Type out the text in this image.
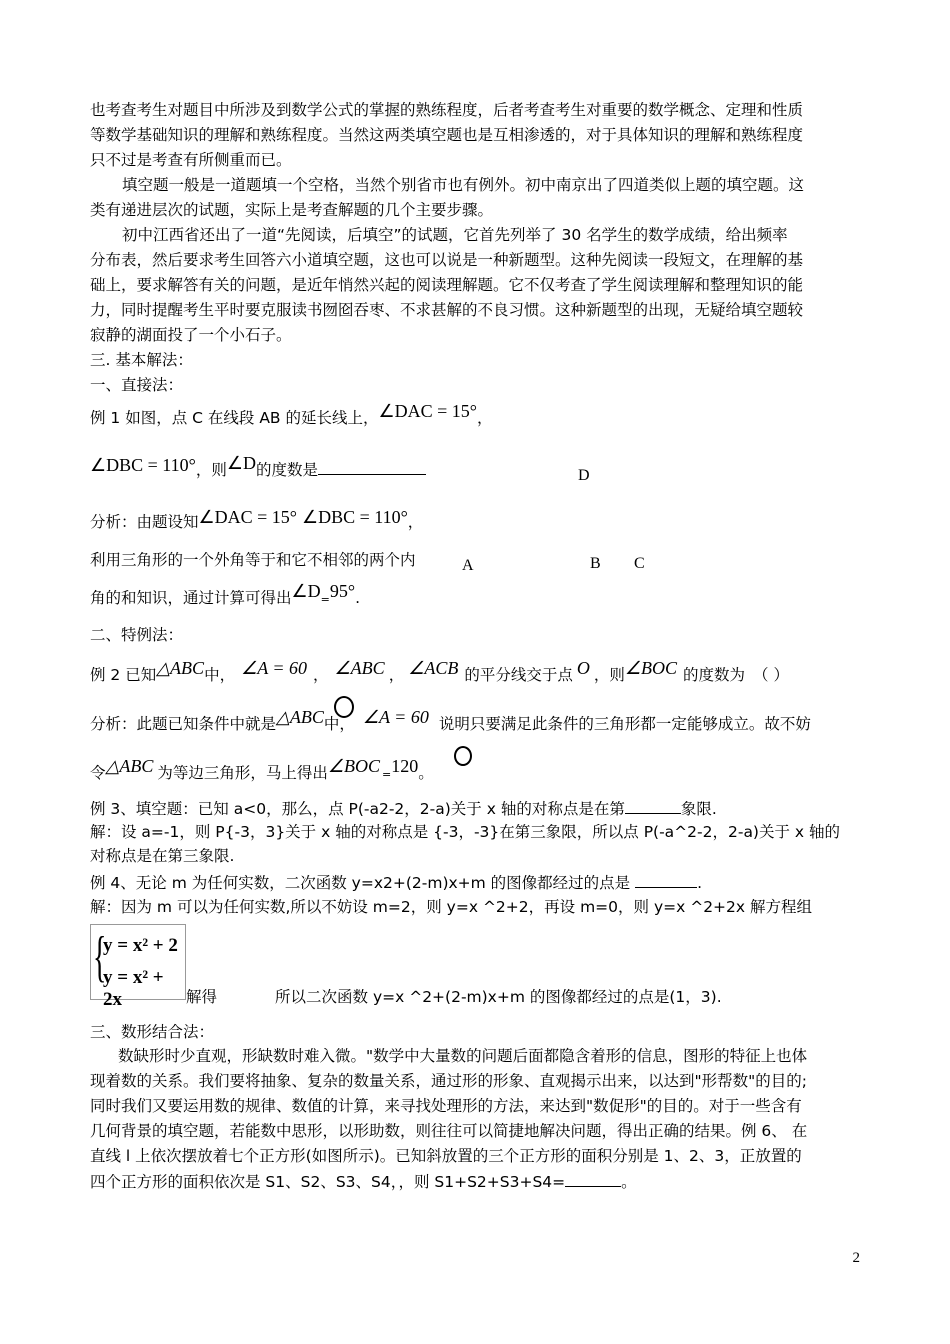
也考查考生对题目中所涉及到数学公式的掌握的熟练程度，后者考查考生对重要的数学概念、定理和性质
等数学基础知识的理解和熟练程度。当然这两类填空题也是互相渗透的，对于具体知识的理解和熟练程度
只不过是考查有所侧重而已。
填空题一般是一道题填一个空格，当然个别省市也有例外。初中南京出了四道类似上题的填空题。这
类有递进层次的试题，实际上是考查解题的几个主要步骤。
初中江西省还出了一道“先阅读，后填空”的试题，它首先列举了 30 名学生的数学成绩，给出频率
分布表，然后要求考生回答六小道填空题，这也可以说是一种新题型。这种先阅读一段短文，在理解的基
础上，要求解答有关的问题，是近年悄然兴起的阅读理解题。它不仅考查了学生阅读理解和整理知识的能
力，同时提醒考生平时要克服读书囫囵吞枣、不求甚解的不良习惯。这种新题型的出现，无疑给填空题较
寂静的湖面投了一个小石子。
三. 基本解法：
一、直接法：
例 1 如图，点 C 在线段 AB 的延长线上，∠DAC = 15°，
∠DBC = 110°，则∠D的度数是
分析：由题设知∠DAC = 15° ∠DBC = 110°，
利用三角形的一个外角等于和它不相邻的两个内
角的和知识，通过计算可得出∠D=95°.
D
A	B C
二、特例法：
例 2 已知△ABC中， ∠A = 60 ， ∠ABC ， ∠ACB 的平分线交于点 O ，则∠BOC 的度数为 （ ）
分析：此题已知条件中就是△ABC中， ∠A = 60 说明只要满足此条件的三角形都一定能够成立。故不妨
令△ABC 为等边三角形，马上得出∠BOC =120。
例 3、填空题：已知 a<0，那么，点 P(-a2-2，2-a)关于 x 轴的对称点是在第	象限.
解：设 a=-1，则 P{-3，3}关于 x 轴的对称点是 {-3，-3}在第三象限，所以点 P(-a^2-2，2-a)关于 x 轴的
对称点是在第三象限.
例 4、无论 m 为任何实数，二次函数 y=x2+(2-m)x+m 的图像都经过的点是	.
解：因为 m 可以为任何实数,所以不妨设 m=2，则 y=x ^2+2，再设 m=0，则 y=x ^2+2x 解方程组
{
y = x² + 2
y = x² + 2x	解得	所以二次函数 y=x ^2+(2-m)x+m 的图像都经过的点是(1，3).
三、数形结合法：
数缺形时少直观，形缺数时难入微。"数学中大量数的问题后面都隐含着形的信息，图形的特征上也体
现着数的关系。我们要将抽象、复杂的数量关系，通过形的形象、直观揭示出来，以达到"形帮数"的目的;
同时我们又要运用数的规律、数值的计算，来寻找处理形的方法，来达到"数促形"的目的。对于一些含有
几何背景的填空题，若能数中思形，以形助数，则往往可以简捷地解决问题，得出正确的结果。例 6、 在
直线 l 上依次摆放着七个正方形(如图所示)。已知斜放置的三个正方形的面积分别是 1、2、3，正放置的
四个正方形的面积依次是 S1、S2、S3、S4，，则 S1+S2+S3+S4=	。
2
